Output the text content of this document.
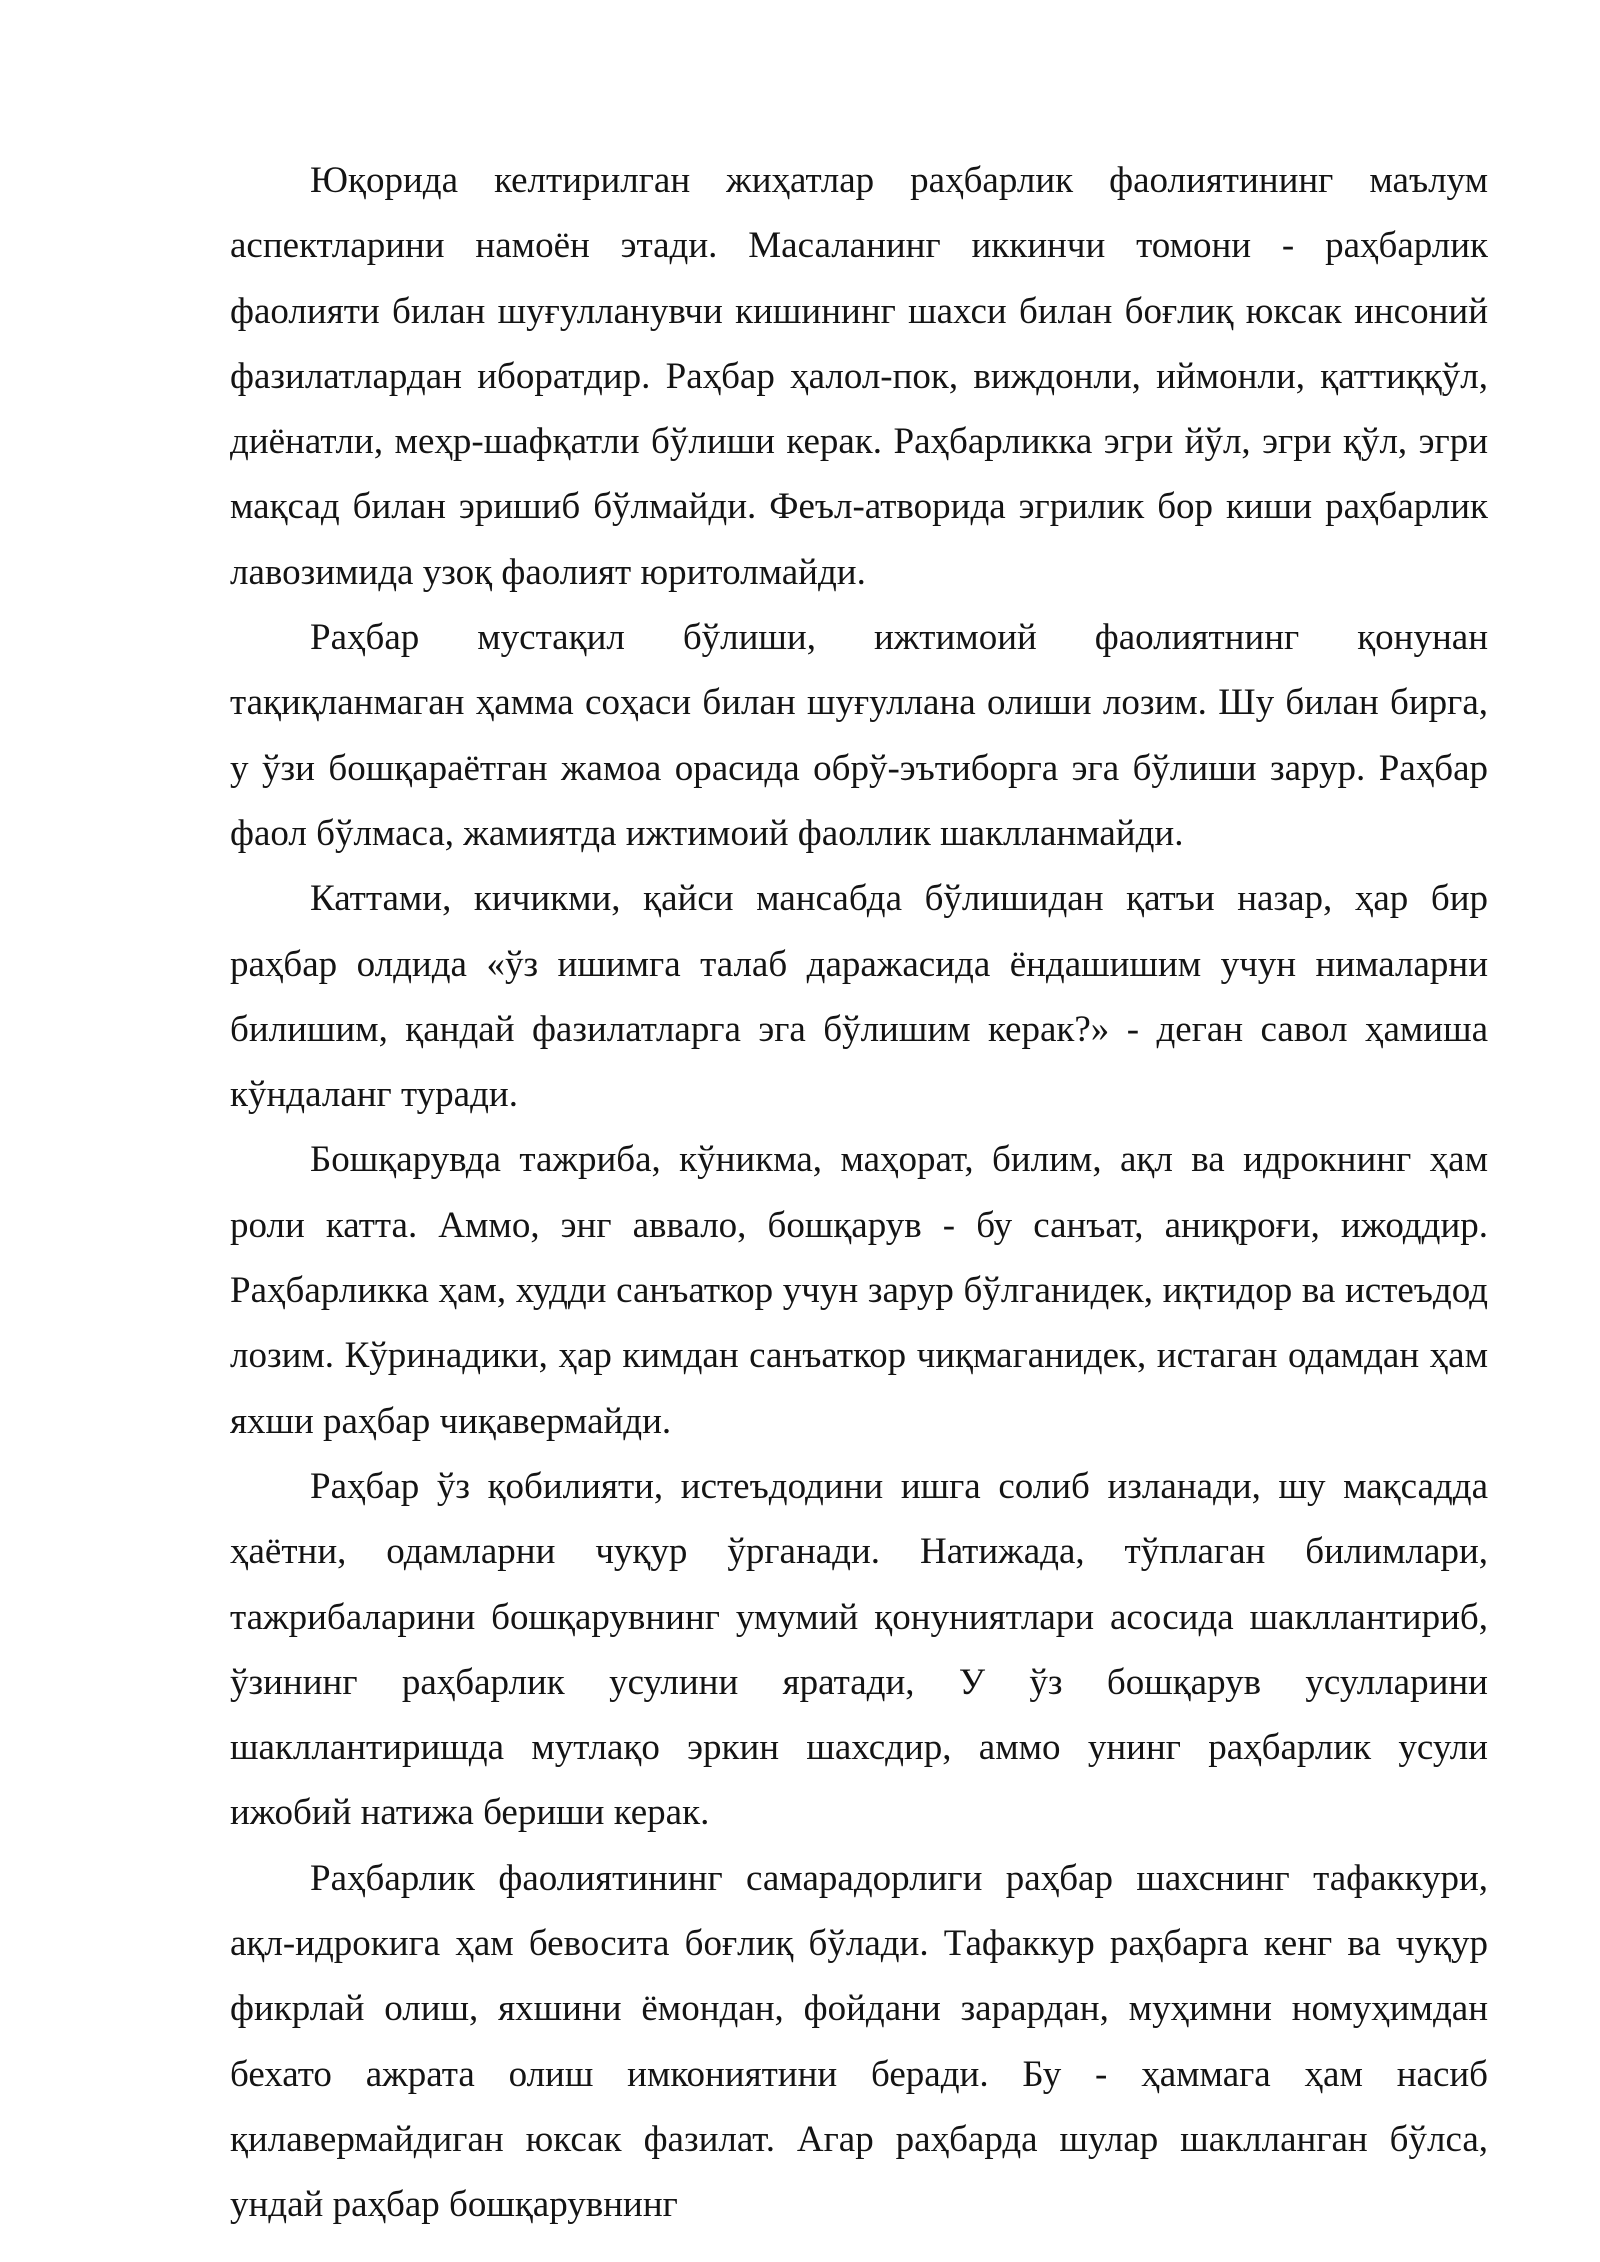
Юқорида келтирилган жиҳатлар раҳбарлик фаолиятининг маълум аспектларини намоён этади. Масаланинг иккинчи томони - раҳбарлик фаолияти билан шуғулланувчи кишининг шахси билан боғлиқ юксак инсоний фазилатлардан иборатдир. Раҳбар ҳалол-пок, виждонли, иймонли, қаттиққўл, диёнатли, меҳр-шафқатли бўлиши керак. Раҳбарликка эгри йўл, эгри қўл, эгри мақсад билан эришиб бўлмайди. Феъл-атворида эгрилик бор киши раҳбарлик лавозимида узоқ фаолият юритолмайди.

Раҳбар мустақил бўлиши, ижтимоий фаолиятнинг қонунан тақиқланмаган ҳамма соҳаси билан шуғуллана олиши лозим. Шу билан бирга, у ўзи бошқараётган жамоа орасида обрў-эътиборга эга бўлиши зарур. Раҳбар фаол бўлмаса, жамиятда ижтимоий фаоллик шаклланмайди.

Каттами, кичикми, қайси мансабда бўлишидан қатъи назар, ҳар бир раҳбар олдида «ўз ишимга талаб даражасида ёндашишим учун нималарни билишим, қандай фазилатларга эга бўлишим керак?» - деган савол ҳамиша кўндаланг туради.

Бошқарувда тажриба, кўникма, маҳорат, билим, ақл ва идрокнинг ҳам роли катта. Аммо, энг аввало, бошқарув - бу санъат, аниқроғи, ижоддир. Раҳбарликка ҳам, худди санъаткор учун зарур бўлганидек, иқтидор ва истеъдод лозим. Кўринадики, ҳар кимдан санъаткор чиқмаганидек, истаган одамдан ҳам яхши раҳбар чиқавермайди.

Раҳбар ўз қобилияти, истеъдодини ишга солиб изланади, шу мақсадда ҳаётни, одамларни чуқур ўрганади. Натижада, тўплаган билимлари, тажрибаларини бошқарувнинг умумий қонуниятлари асосида шакллантириб, ўзининг раҳбарлик усулини яратади, У ўз бошқарув усулларини шакллантиришда мутлақо эркин шахсдир, аммо унинг раҳбарлик усули ижобий натижа бериши керак.

Раҳбарлик фаолиятининг самарадорлиги раҳбар шахснинг тафаккури, ақл-идрокига ҳам бевосита боғлиқ бўлади. Тафаккур раҳбарга кенг ва чуқур фикрлай олиш, яхшини ёмондан, фойдани зарардан, муҳимни номуҳимдан бехато ажрата олиш имкониятини беради. Бу - ҳаммага ҳам насиб қилавермайдиган юксак фазилат. Агар раҳбарда шулар шаклланган бўлса, ундай раҳбар бошқарувнинг
